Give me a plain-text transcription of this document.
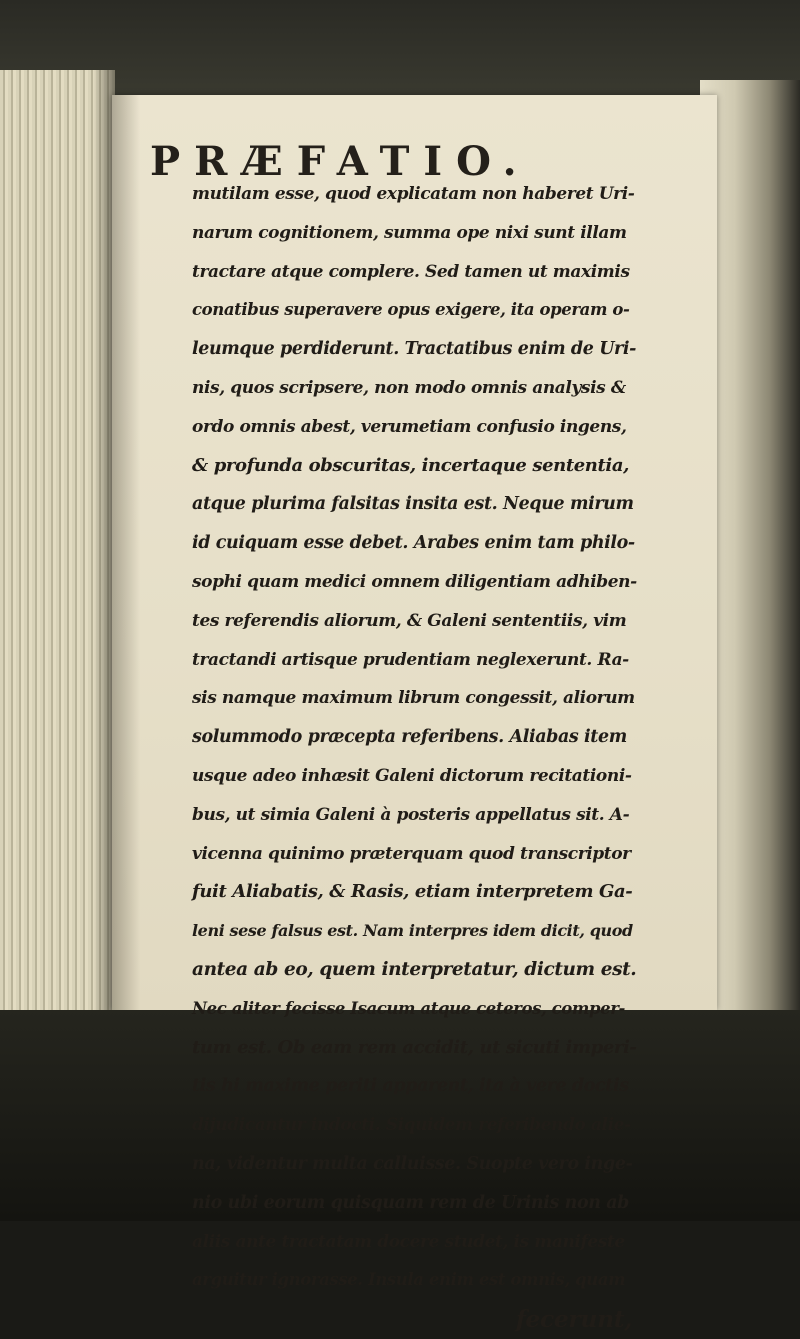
PRÆFATIO.
mutilam esse, quod explicatam non haberet Uri-
narum cognitionem, summa ope nixi sunt illam
tractare atque complere. Sed tamen ut maximis
conatibus superavere opus exigere, ita operam o-
leumque perdiderunt. Tractatibus enim de Uri-
nis, quos scripsere, non modo omnis analysis &
ordo omnis abest, verumetiam confusio ingens,
& profunda obscuritas, incertaque sententia,
atque plurima falsitas insita est. Neque mirum
id cuiquam esse debet. Arabes enim tam philo-
sophi quam medici omnem diligentiam adhiben-
tes referendis aliorum, & Galeni sententiis, vim
tractandi artisque prudentiam neglexerunt. Ra-
sis namque maximum librum congessit, aliorum
solummodo præcepta referibens. Aliabas item
usque adeo inhæsit Galeni dictorum recitationi-
bus, ut simia Galeni à posteris appellatus sit. A-
vicenna quinimo præterquam quod transcriptor
fuit Aliabatis, & Rasis, etiam interpretem Ga-
leni sese falsus est. Nam interpres idem dicit, quod
antea ab eo, quem interpretatur, dictum est.
Nec aliter fecisse Isacum atque ceteros, comper-
tum est. Ob eam rem accidit, ut sicuti imperi-
tis hi maxime periti apparent, ita à vere doctis
dijudicantur indocti. Siquidem referibendo alie-
na, videntur multa calluisse. Suopte vero inge-
nio ubi eorum quisquam rem de Urinis non ab
aliis ante tractatam docere studet, is manifeste
arguitur ignorasse. Insula enim est omnis, quam
fecerunt,
